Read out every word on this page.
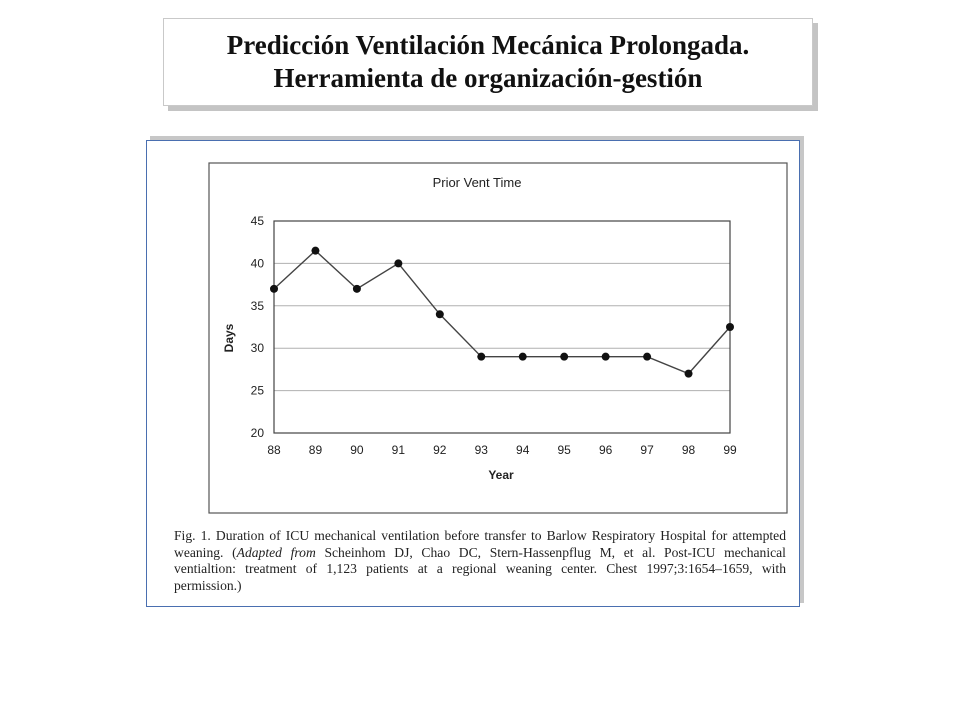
Predicción Ventilación Mecánica Prolongada.
Herramienta de organización-gestión
Prior Vent Time
20
25
30
35
40
45
88 89 90 91 92 93 94 95 96 97 98 99
Days
Year
Fig. 1. Duration of ICU mechanical ventilation before transfer to Barlow Respiratory Hospital for attempted weaning. (Adapted from Scheinhom DJ, Chao DC, Stern-Hassenpflug M, et al. Post-ICU mechanical ventialtion: treatment of 1,123 patients at a regional weaning center. Chest 1997;3:1654–1659, with permission.)
